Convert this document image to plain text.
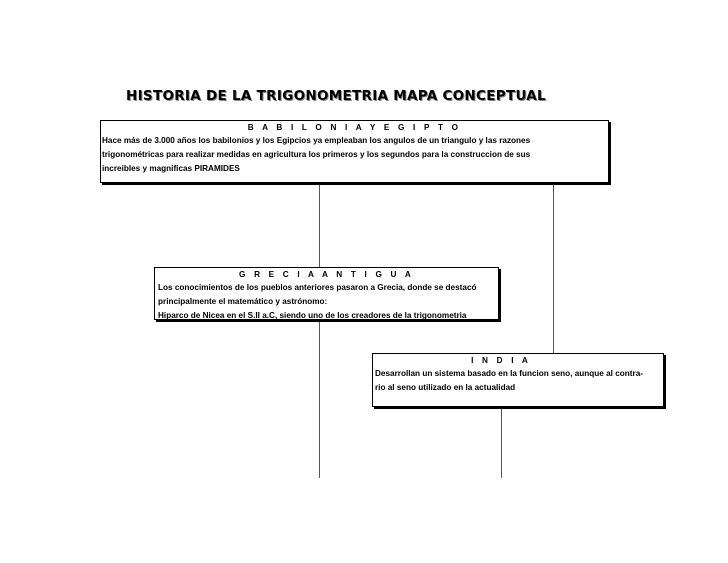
HISTORIA DE LA TRIGONOMETRIA MAPA CONCEPTUAL
B A B I L O N I A Y E G I P T O

Hace más de 3.000 años los babilonios y los Egipcios ya empleaban los angulos de un triangulo y las razones

trigonométricas para realizar medidas en agricultura los primeros y los segundos para la construccion de sus

increibles y magnificas PIRAMIDES

G R E C I A A N T I G U A

Los conocimientos de los pueblos anteriores pasaron a Grecia, donde se destacó

principalmente el matemático y astrónomo:

Hiparco de Nicea en el S.II a.C, siendo uno de los creadores de la trigonometria

I N D I A

Desarrollan un sistema basado en la funcion seno, aunque al contra-

rio al seno utilizado en la actualidad
